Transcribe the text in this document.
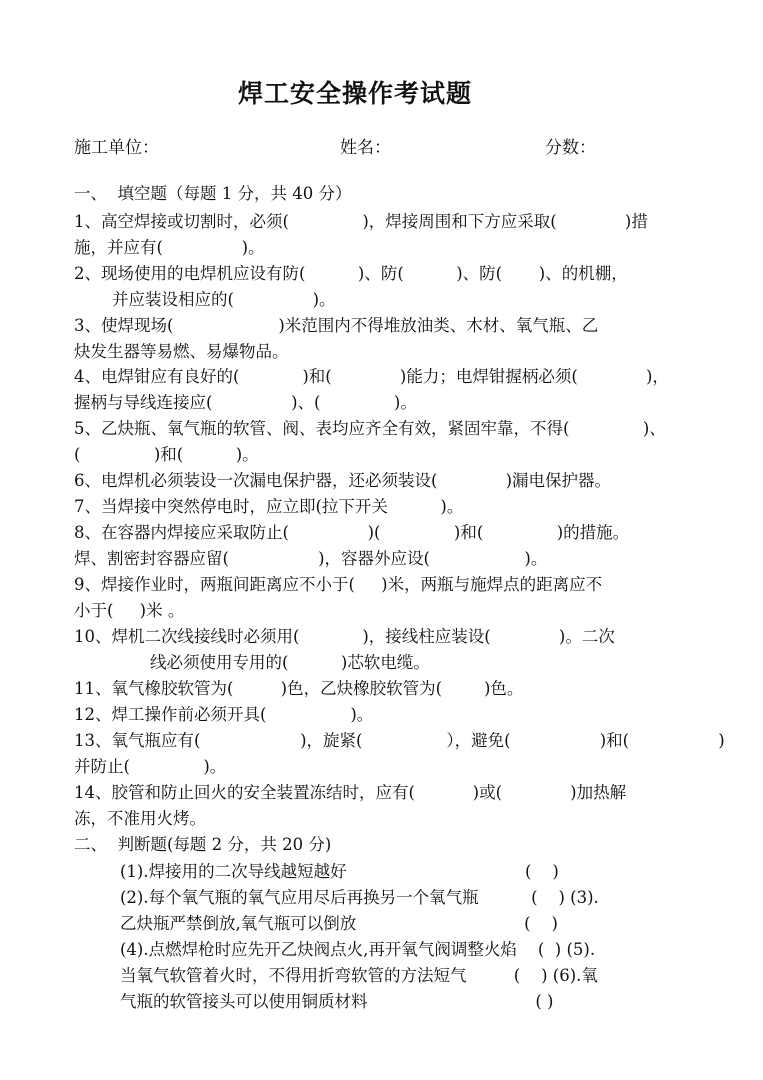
焊工安全操作考试题
施工单位：	姓名：	分数：
一、  填空题（每题 1 分，共 40 分）
1、高空焊接或切割时，必须(              )，焊接周围和下方应采取(             )措
施，并应有(               )。
2、现场使用的电焊机应设有防(          )、防(          )、防(       )、的机棚，
并应装设相应的(               )。
3、使焊现场(                    )米范围内不得堆放油类、木材、氧气瓶、乙
炔发生器等易燃、易爆物品。
4、电焊钳应有良好的(            )和(             )能力；电焊钳握柄必须(             )，
握柄与导线连接应(               )、(              )。
5、乙炔瓶、氧气瓶的软管、阀、表均应齐全有效，紧固牢靠，不得(              )、
(              )和(          )。
6、电焊机必须装设一次漏电保护器，还必须装设(             )漏电保护器。
7、当焊接中突然停电时，应立即(拉下开关          )。
8、在容器内焊接应采取防止(               )(              )和(              )的措施。
焊、割密封容器应留(                 )，容器外应设(                  )。
9、焊接作业时，两瓶间距离应不小于(     )米，两瓶与施焊点的距离应不
小于(     )米 。
10、焊机二次线接线时必须用(            )，接线柱应装设(             )。二次
线必须使用专用的(          )芯软电缆。
11、氧气橡胶软管为(         )色，乙炔橡胶软管为(        )色。
12、焊工操作前必须开具(                )。
13、氧气瓶应有(                   )，旋紧(                ），避免(                 )和(                 )
并防止(              )。
14、胶管和防止回火的安全装置冻结时，应有(           )或(             )加热解
冻，不准用火烤。
二、  判断题(每题 2 分，共 20 分)
(1).焊接用的二次导线越短越好                                  (    )
(2).每个氧气瓶的氧气应用尽后再换另一个氧气瓶          (    ) (3).
乙炔瓶严禁倒放,氧气瓶可以倒放                                (    )
(4).点燃焊枪时应先开乙炔阀点火,再开氧气阀调整火焰    (  ) (5).
当氧气软管着火时，不得用折弯软管的方法短气         (    ) (6).氧
气瓶的软管接头可以使用铜质材料                                ( )
